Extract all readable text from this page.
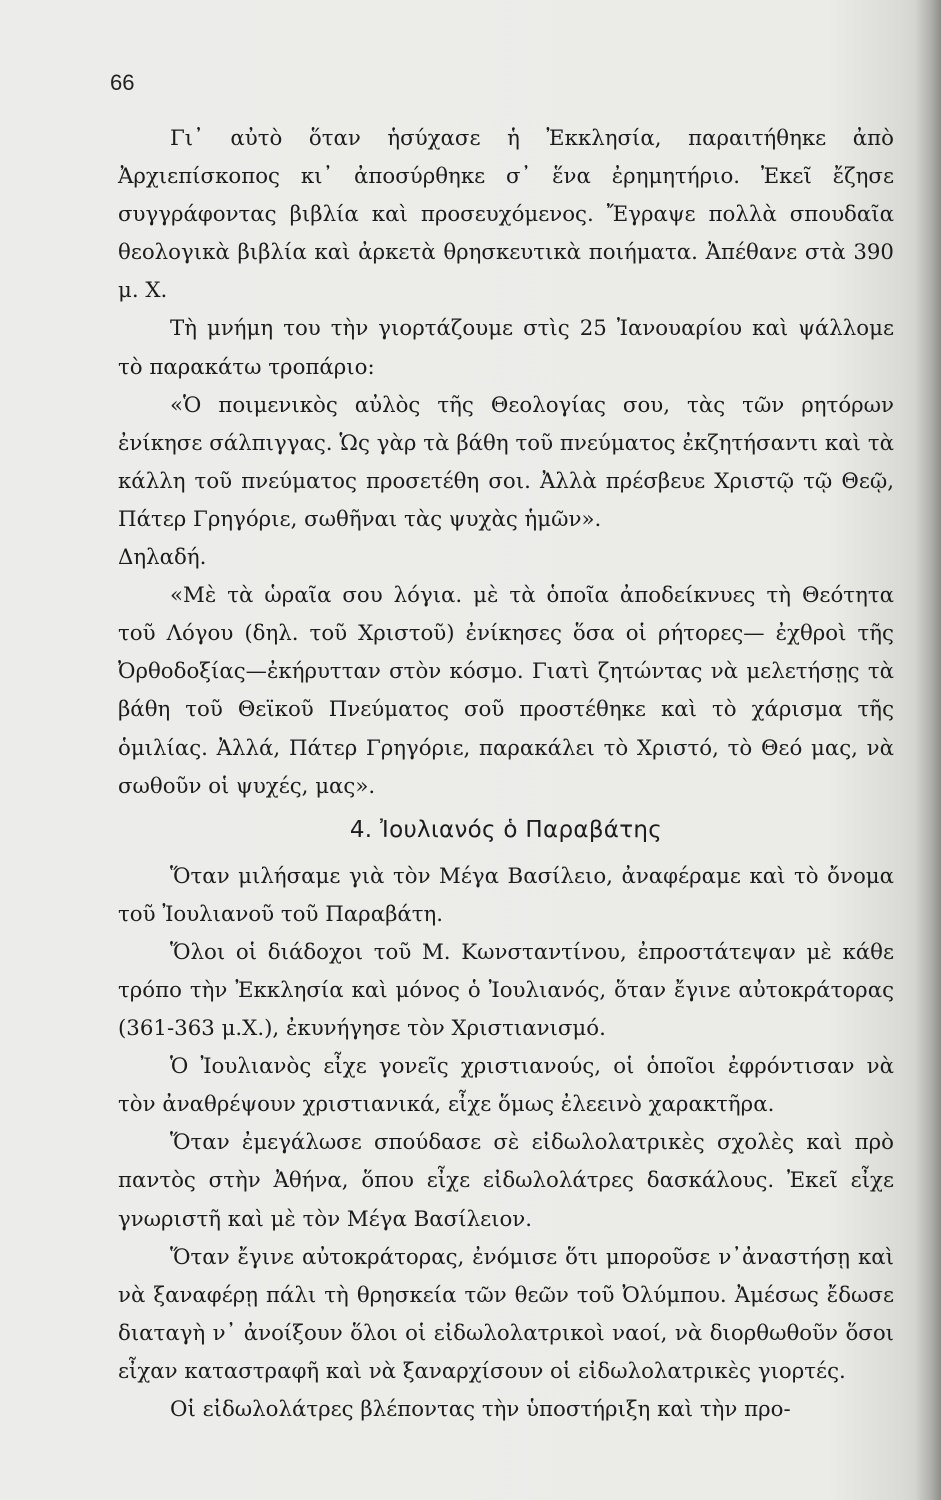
66

Γι᾿ αὐτὸ ὅταν ἡσύχασε ἡ Ἐκκλησία, παραιτήθηκε ἀπὸ Ἀρχιεπίσκοπος κι᾿ ἀποσύρθηκε σ᾿ ἕνα ἐρημητήριο. Ἐκεῖ ἔζησε συγγράφοντας βιβλία καὶ προσευχόμενος. Ἔγραψε πολλὰ σπουδαῖα θεολογικὰ βιβλία καὶ ἀρκετὰ θρησκευτικὰ ποιήματα. Ἀπέθανε στὰ 390 μ. Χ.

Τὴ μνήμη του τὴν γιορτάζουμε στὶς 25 Ἰανουαρίου καὶ ψάλλομε τὸ παρακάτω τροπάριο:

«Ὁ ποιμενικὸς αὐλὸς τῆς Θεολογίας σου, τὰς τῶν ρητόρων ἐνίκησε σάλπιγγας. Ὡς γὰρ τὰ βάθη τοῦ πνεύματος ἐκζητήσαντι καὶ τὰ κάλλη τοῦ πνεύματος προσετέθη σοι. Ἀλλὰ πρέσβευε Χριστῷ τῷ Θεῷ, Πάτερ Γρηγόριε, σωθῆναι τὰς ψυχὰς ἡμῶν».

Δηλαδή.

«Μὲ τὰ ὡραῖα σου λόγια. μὲ τὰ ὁποῖα ἀποδείκνυες τὴ Θεότητα τοῦ Λόγου (δηλ. τοῦ Χριστοῦ) ἐνίκησες ὅσα οἱ ρήτορες— ἐχθροὶ τῆς Ὀρθοδοξίας—ἐκήρυτταν στὸν κόσμο. Γιατὶ ζητώντας νὰ μελετήσῃς τὰ βάθη τοῦ Θεϊκοῦ Πνεύματος σοῦ προστέθηκε καὶ τὸ χάρισμα τῆς ὁμιλίας. Ἀλλά, Πάτερ Γρηγόριε, παρακάλει τὸ Χριστό, τὸ Θεό μας, νὰ σωθοῦν οἱ ψυχές, μας».

4. Ἰουλιανός ὁ Παραβάτης

Ὅταν μιλήσαμε γιὰ τὸν Μέγα Βασίλειο, ἀναφέραμε καὶ τὸ ὄνομα τοῦ Ἰουλιανοῦ τοῦ Παραβάτη.

Ὅλοι οἱ διάδοχοι τοῦ Μ. Κωνσταντίνου, ἐπροστάτεψαν μὲ κάθε τρόπο τὴν Ἐκκλησία καὶ μόνος ὁ Ἰουλιανός, ὅταν ἔγινε αὐτοκράτορας (361-363 μ.Χ.), ἐκυνήγησε τὸν Χριστιανισμό.

Ὁ Ἰουλιανὸς εἶχε γονεῖς χριστιανούς, οἱ ὁποῖοι ἐφρόντισαν νὰ τὸν ἀναθρέψουν χριστιανικά, εἶχε ὅμως ἐλεεινὸ χαρακτῆρα.

Ὅταν ἐμεγάλωσε σπούδασε σὲ εἰδωλολατρικὲς σχολὲς καὶ πρὸ παντὸς στὴν Ἀθήνα, ὅπου εἶχε εἰδωλολάτρες δασκάλους. Ἐκεῖ εἶχε γνωριστῆ καὶ μὲ τὸν Μέγα Βασίλειον.

Ὅταν ἔγινε αὐτοκράτορας, ἐνόμισε ὅτι μποροῦσε ν᾿ἀναστήσῃ καὶ νὰ ξαναφέρῃ πάλι τὴ θρησκεία τῶν θεῶν τοῦ Ὀλύμπου. Ἀμέσως ἔδωσε διαταγὴ ν᾿ ἀνοίξουν ὅλοι οἱ εἰδωλολατρικοὶ ναοί, νὰ διορθωθοῦν ὅσοι εἶχαν καταστραφῆ καὶ νὰ ξαναρχίσουν οἱ εἰδωλολατρικὲς γιορτές.

Οἱ εἰδωλολάτρες βλέποντας τὴν ὑποστήριξη καὶ τὴν προ-
